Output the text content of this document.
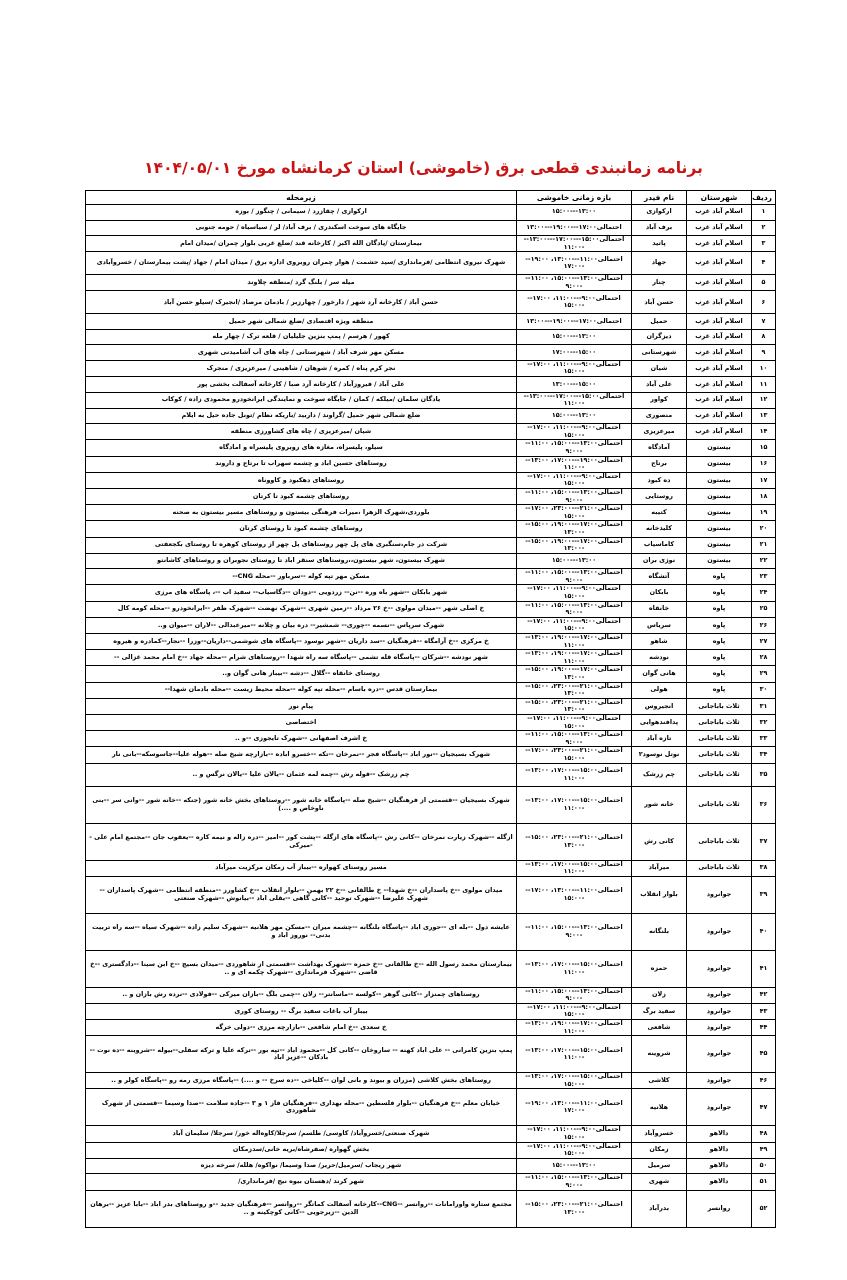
برنامه زمانبندی قطعی برق (خاموشی) استان کرمانشاه مورخ ۱۴۰۴/۰۵/۰۱
ردیف	شهرستان	نام فیدر	بازه زمانی خاموشی	زیرمحله
۱	اسلام آباد غرب	ارکوازی	۱۵:۰۰---۱۳:۰۰	ارکوازی / چقازرد / سیمانی / چنگوز / بوزه
۲	اسلام آباد غرب	برف آباد	احتمالی۱۷:۰۰---۱۹:۰۰---۱۳:۰۰	جایگاه های سوخت اسکندری / برف آباد/ لر / سیاسیاه / حومه جنوبی
۳	اسلام آباد غرب	پاتید	احتمالی۱۵:۰۰---۱۷:۰۰---۱۳:۰۰---۱۱:۰۰	بیمارستان /پادگان الله اکبر / کارخانه قند /ضلع غربی بلوار چمران /میدان امام
۴	اسلام آباد غرب	جهاد	احتمالی۱۱:۰۰---۱۳:۰۰، ۱۹:۰۰---۱۷:۰۰	شهرک نیروی انتظامی /فرمانداری /سید حشمت / هوار چمران روبروی اداره برق / میدان امام / جهاد /پشت بیمارستان / خسروآبادی
۵	اسلام آباد غرب	چنار	احتمالی۱۳:۰۰---۱۵:۰۰، ۱۱:۰۰---۹:۰۰	میله سر / بلنگ گرد /منطقه چلاوند
۶	اسلام آباد غرب	حسن آباد	احتمالی۹:۰۰---۱۱:۰۰، ۱۷:۰۰---۱۵:۰۰	حسن آباد / کارخانه آرد شهر / دارخور / چهارزبر / بادمان مرصاد /انجیرک /سیلو حسن آباد
۷	اسلام آباد غرب	حمیل	احتمالی۱۷:۰۰---۱۹:۰۰---۱۳:۰۰	منطقه ویژه اقتصادی /ضلع شمالی شهر حمیل
۸	اسلام آباد غرب	دیزگران	۱۵:۰۰---۱۳:۰۰	کهور / هرسم / پمپ بنزین جلیلیان / قلعه ترک / چهار مله
۹	اسلام آباد غرب	شهرستانی	۱۷:۰۰---۱۵:۰۰	مسکن مهر شرف آباد / شهرستانی / چاه های آب آشامیدنی شهری
۱۰	اسلام آباد غرب	شیان	احتمالی۹:۰۰---۱۱:۰۰، ۱۷:۰۰---۱۵:۰۰	نجر کرم پناه / کمره / شوهان / شاهینی / میرعزیزی / منجرک
۱۱	اسلام آباد غرب	علی آباد	۱۳:۰۰---۱۵:۰۰	علی آباد / فیروزآباد / کارخانه آرد صبا / کارخانه آسفالت بخشی پور
۱۲	اسلام آباد غرب	کواور	احتمالی۱۵:۰۰---۱۷:۰۰---۱۳:۰۰---۱۱:۰۰	یادگان سلمان /میلکه / کمان / جایگاه سوخت و نمایندگی ایرانخودرو محمودی زاده / کوکاب
۱۳	اسلام آباد غرب	منصوری	۱۵:۰۰---۱۳:۰۰	ضلع شمالی شهر حمیل /گراوند / داربید /باریکه نظام /تونل جاده حیل به ایلام
۱۴	اسلام آباد غرب	میرعزیزی	احتمالی۹:۰۰---۱۱:۰۰، ۱۷:۰۰---۱۵:۰۰	شیان /میرعزیزی / چاه های کشاورزی منطقه
۱۵	بیستون	آمادگاه	احتمالی۱۳:۰۰---۱۵:۰۰، ۱۱:۰۰---۹:۰۰	سیلو، پلیسراه، مغازه های روبروی پلیسراه و امادگاه
۱۶	بیستون	برتاج	احتمالی۱۹:۰۰---۱۷:۰۰، ۱۳:۰۰---۱۱:۰۰	روستاهای حسین اباد و چشمه سهراب تا برتاج و داروند
۱۷	بیستون	ده کبود	احتمالی۹:۰۰---۱۱:۰۰، ۱۷:۰۰---۱۵:۰۰	روستاهای دهکبود و کاووناه
۱۸	بیستون	روستایی	احتمالی۱۳:۰۰---۱۵:۰۰، ۱۱:۰۰---۹:۰۰	روستاهای چشمه کبود تا کرتان
۱۹	بیستون	کتیبه	احتمالی۲۱:۰۰---۲۳:۰۰، ۱۷:۰۰---۱۵:۰۰	بلوردی،شهرک الزهرا ،میرات فرهنگی بیستون و روستاهای مسیر بیستون به صحنه
۲۰	بیستون	کلیدخانه	احتمالی۱۷:۰۰---۱۹:۰۰، ۱۵:۰۰---۱۳:۰۰	روستاهای چشمه کبود تا روستای کرتان
۲۱	بیستون	کاماسیاب	احتمالی۱۷:۰۰---۱۹:۰۰، ۱۵:۰۰---۱۳:۰۰	شرکت در جام،سنگبری های پل چهر روستاهای پل چهر از روستای کوهره تا روستای بکجعفتی
۲۲	بیستون	نوژی بران	۱۵:۰۰---۱۳:۰۰	شهرک بیستون، شهر بیستون،،روستاهای سنقر اباد تا روستای نجوبران و روستاهای کاشانتو
۲۳	پاوه	آتشگاه	احتمالی۱۳:۰۰---۱۵:۰۰، ۱۱:۰۰---۹:۰۰	مسکن مهر تپه کوله --سرباور --محله CNG--
۲۴	پاوه	بابکان	احتمالی۹:۰۰---۱۱:۰۰، ۱۷:۰۰---۱۵:۰۰	شهر بابکان --شهر باه وره --نن-- زردویی --دودان --دگاسیاب-- سفید اب --، پاسگاه های مرزی
۲۵	پاوه	خانقاه	احتمالی۱۳:۰۰---۱۵:۰۰، ۱۱:۰۰---۹:۰۰	خ اصلی شهر --میدان مولوی --خ ۲۶ مرداد --زمین شهری --شهرک نهضت --شهرک ظفر --ایرانخودرو --محله کومه کال
۲۶	پاوه	سریاس	احتمالی۹:۰۰---۱۱:۰۰، ۱۷:۰۰---۱۵:۰۰	شهرک سرپاس --نسمه --چوری-- شمشیر-- دره بیان و چلانه --میرعبدالی --لاران --میوان و..
۲۷	پاوه	شاهو	احتمالی۱۷:۰۰---۱۹:۰۰، ۱۳:۰۰---۱۱:۰۰	خ مرکزی --خ آرامگاه --فرهنگیان --سد داریان --شهر نوسود --پاسگاه های شوشمی--داریان--وزرا --نجار--کمادره و هیروه
۲۸	پاوه	نودشه	احتمالی۱۷:۰۰---۱۹:۰۰، ۱۳:۰۰---۱۱:۰۰	شهر نودشه --شرکان --پاسگاه قله تشمی --پاسگاه سه راه شهدا --روستاهای شرام --محله جهاد --خ امام محمد غزالی --
۲۹	پاوه	هانی گوان	احتمالی۱۷:۰۰---۱۹:۰۰، ۱۵:۰۰---۱۳:۰۰	روستای خانقاه --گلال --دشه --بیباز هانی گوان و..
۳۰	پاوه	هولی	احتمالی۲۱:۰۰---۲۳:۰۰، ۱۵:۰۰---۱۳:۰۰	بیمارستان قدس --دره باسام --محله تپه کوله --محله محیط زیست --محله بادمان شهدا--
۳۱	ثلاث باباجانی	انجیروس	احتمالی۲۱:۰۰---۲۳:۰۰، ۱۵:۰۰---۱۳:۰۰	پیام نور
۳۲	ثلاث باباجانی	پدافندهوایی	احتمالی۹:۰۰---۱۱:۰۰، ۱۷:۰۰---۱۵:۰۰	اختصاصی
۳۳	ثلاث باباجانی	تازه آباد	احتمالی۱۳:۰۰---۱۵:۰۰، ۱۱:۰۰---۹:۰۰	خ اشرف اصفهانی --شهرک تایجوزی --و ..
۳۴	ثلاث باباجانی	نوتل نوسود۲	احتمالی۲۱:۰۰---۲۳:۰۰، ۱۷:۰۰---۱۵:۰۰	شهرک بسیجیان --نور اباد --پاسگاه فجر --نمرخان --تکه --خسرو اباده --بازارچه شیخ صله --هوله علیا--جاسوسکه--بانی نار
۳۵	ثلاث باباجانی	چم زرشک	احتمالی۱۵:۰۰---۱۷:۰۰، ۱۳:۰۰---۱۱:۰۰	چم زرشک --فوله رش --چمه لمه عثمان --یالان علیا --یالان نرگس و ..
۳۶	ثلاث باباجانی	خانه شور	احتمالی۱۵:۰۰---۱۷:۰۰، ۱۳:۰۰---۱۱:۰۰	شهرک بسیجیان --قسمتی از فرهنگیان --شیخ صله --پاسگاه خانه شور --روستاهای بخش خانه شور (جنکه --خانه شور --وانی سر --بنی ناوخاص و ....)
۳۷	ثلاث باباجانی	کانی رش	احتمالی۲۱:۰۰---۲۳:۰۰، ۱۵:۰۰---۱۳:۰۰	ازگله --شهرک زیارت نمرخان --کانی رش --پاسگاه های ازگله --پشت کور --امیر --دره زاله و نیمه کاره --یعقوب جان --مجتمع امام علی --میرکی
۳۸	ثلاث باباجانی	میرآباد	احتمالی۱۵:۰۰---۱۷:۰۰، ۱۳:۰۰---۱۱:۰۰	مسیر روستای کهواره --بیباز آب زمکان مرکزیت میرآباد
۳۹	جوانرود	بلوار انقلاب	احتمالی۱۱:۰۰---۱۳:۰۰، ۱۷:۰۰---۱۵:۰۰	میدان مولوی --خ پاسداران --خ شهدا-- خ طالقانی --خ ۲۲ بهمن --بلوار انقلاب --خ کشاورز --منطقه انتظامی --شهرک پاسداران -- شهرک علیرضا --شهرک توحید --کانی گاهی --بقلی اباد --بیانوش --شهرک صنعتی
۴۰	جوانرود	بلنگانه	احتمالی۱۳:۰۰---۱۵:۰۰، ۱۱:۰۰---۹:۰۰	عایشه دول --بله ای --حوری اباد --پاسگاه بلنگانه --چشمه میران --مسکن مهر هلانیه --شهرک سلیم زاده --شهرک سیاه --سه راه تربیت بدنی-- نوروز اباد و
۴۱	جوانرود	حمزه	احتمالی۱۵:۰۰---۱۷:۰۰، ۱۳:۰۰---۱۱:۰۰	بیمارستان محمد رسول الله --خ طالقانی --خ حمزه --شهرک بهداشت --قسمتی از شاهوردی --میدان بسیج --خ ابن سینا --دادگستری --خ قاضی --شهرک فرمانداری --شهرک چکمه ای و ..
۴۲	جوانرود	زلان	احتمالی۱۳:۰۰---۱۵:۰۰، ۱۱:۰۰---۹:۰۰	روستاهای چمنزار --کانی گوهر --کولسه --ماسانتر-- زلان --چمی بلگ --بازان میرکی --فولادی --نرده رش بازان و ..
۴۳	جوانرود	سفید برگ	احتمالی۹:۰۰---۱۱:۰۰، ۱۷:۰۰---۱۵:۰۰	بیباز آب باغات سفید برگ -- روستای کوری
۴۴	جوانرود	شافعی	احتمالی۱۷:۰۰---۱۹:۰۰، ۱۳:۰۰---۱۱:۰۰	خ سعدی --خ امام شافعی --بازارچه مرزی --دولی خرگه
۴۵	جوانرود	شروینه	احتمالی۱۵:۰۰---۱۷:۰۰، ۱۳:۰۰---۱۱:۰۰	پمپ بنزین کامرانی -- علی اباد کهنه -- ساروخان --کانی کل --محمود اباد --تپه بور --ترکه علیا و ترکه سفلی--بیوله --شروینه --ده نوت --بادکان --عزیز اباد
۴۶	جوانرود	کلاشی	احتمالی۱۵:۰۰---۱۷:۰۰، ۱۳:۰۰---۱۵:۰۰	روستاهای بخش کلاشی (مزران و بیوند و بانی لوان --کلیاخی --ده سرخ -- و ....) --پاسگاه مرزی رمه رو --پاسگاه کولر و ..
۴۷	جوانرود	هلانیه	احتمالی۱۱:۰۰---۱۳:۰۰، ۱۹:۰۰---۱۷:۰۰	خیابان معلم --خ فرهنگیان --بلوار فلسطین --محله بهداری --فرهنگیان فاز ۱ و ۳ --جاده سلامت --صدا وسیما --قسمتی از شهرک شاهوردی
۴۸	دالاهو	خسروآباد	احتمالی۹:۰۰---۱۱:۰۰، ۱۷:۰۰---۱۵:۰۰	شهرک صنعتی/خسروآباد/ کاوسی/ طلسم/ سرجلا/کاوه‌اله خور/ سرجلا/ سلیمان آباد
۴۹	دالاهو	زمکان	احتمالی۹:۰۰---۱۱:۰۰، ۱۷:۰۰---۱۵:۰۰	بخش گهواره /صفرشاه/بریه خانی/سدزمکان
۵۰	دالاهو	سرمیل	۱۵:۰۰---۱۳:۰۰	شهر ریجاب /سرمیل/حریر/ صدا وسیما/ نواکوه/ هلله/ سرخه دیزه
۵۱	دالاهو	شهری	احتمالی۱۳:۰۰---۱۵:۰۰، ۱۱:۰۰---۹:۰۰	شهر کرند /دهستان بیوه نیج /فرمانداری/
۵۲	روانسر	بدرآباد	احتمالی۲۱:۰۰---۲۳:۰۰، ۱۵:۰۰---۱۳:۰۰	مجتمع ستاره واورامانات --روانسر --CNG--کارخانه آسفالت کماتگر --روانسر --فرهنگیان جدید --و روستاهای بدر اباد --بابا عزیز --برهان الدین --زیرجویی --کانی کوچکینه و ..
